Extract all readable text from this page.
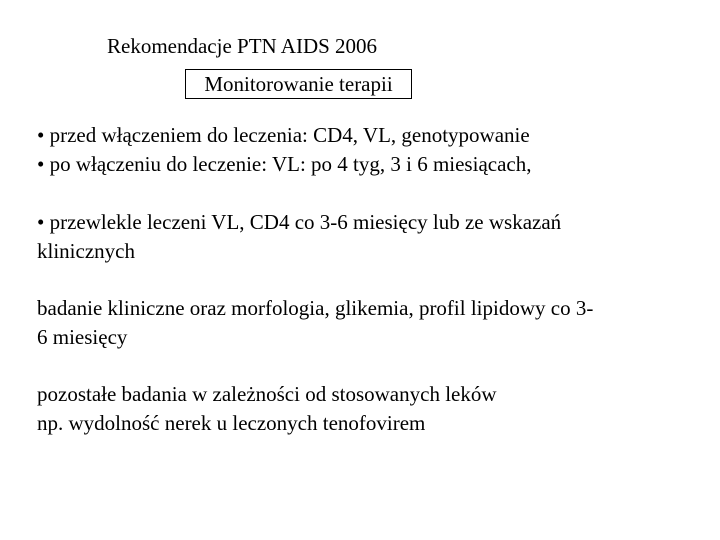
Rekomendacje PTN AIDS 2006
Monitorowanie terapii
• przed włączeniem do leczenia: CD4, VL, genotypowanie
• po włączeniu do leczenie: VL: po 4 tyg, 3 i 6 miesiącach,
• przewlekle leczeni VL, CD4 co 3-6 miesięcy lub ze wskazań
klinicznych
badanie kliniczne oraz morfologia, glikemia, profil lipidowy co 3-
6 miesięcy
pozostałe badania w zależności od stosowanych leków
np. wydolność nerek u leczonych tenofovirem
